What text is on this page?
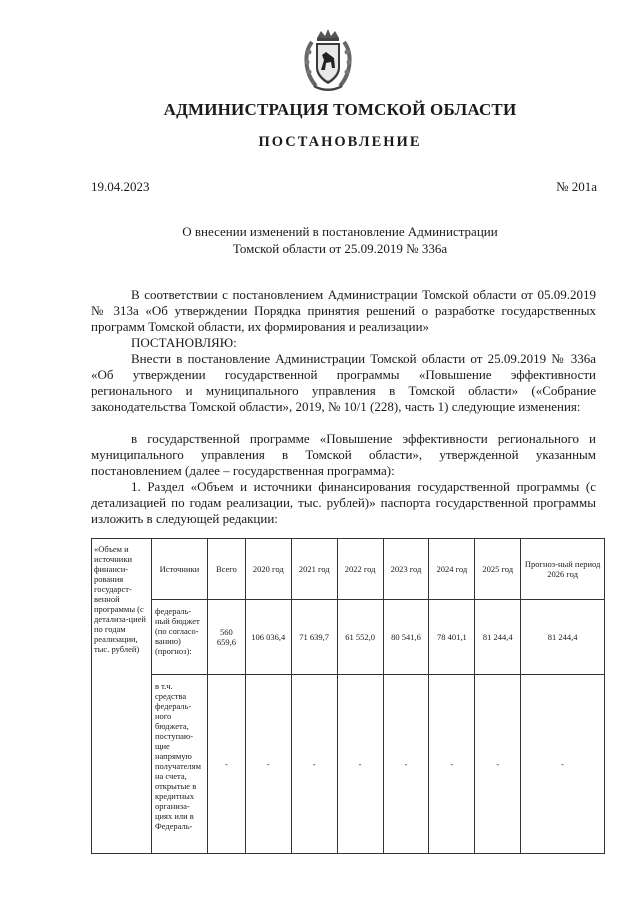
АДМИНИСТРАЦИЯ ТОМСКОЙ ОБЛАСТИ
ПОСТАНОВЛЕНИЕ
19.04.2023	№ 201а
О внесении изменений в постановление Администрации
Томской области от 25.09.2019 № 336а
В соответствии с постановлением Администрации Томской области от 05.09.2019 № 313а «Об утверждении Порядка принятия решений о разработке государственных программ Томской области, их формирования и реализации»
ПОСТАНОВЛЯЮ:
Внести в постановление Администрации Томской области от 25.09.2019 № 336а «Об утверждении государственной программы «Повышение эффективности регионального и муниципального управления в Томской области» («Собрание законодательства Томской области», 2019, № 10/1 (228), часть 1) следующие изменения:
в государственной программе «Повышение эффективности регионального и муниципального управления в Томской области», утвержденной указанным постановлением (далее – государственная программа):
1. Раздел «Объем и источники финансирования государственной программы (с детализацией по годам реализации, тыс. рублей)» паспорта государственной программы изложить в следующей редакции:
«Объем и источники финанси-рования государст-венной программы (с детализа-цией по годам реализации, тыс. рублей)	Источники	Всего	2020 год	2021 год	2022 год	2023 год	2024 год	2025 год	Прогноз-ный период 2026 год
	федераль-ный бюджет (по согласо-ванию) (прогноз):	560 659,6	106 036,4	71 639,7	61 552,0	80 541,6	78 401,1	81 244,4	81 244,4
	в т.ч. средства федераль-ного бюджета, поступаю-щие напрямую получателям на счета, открытые в кредитных организа-циях или в Федераль-	-	-	-	-	-	-	-	-
